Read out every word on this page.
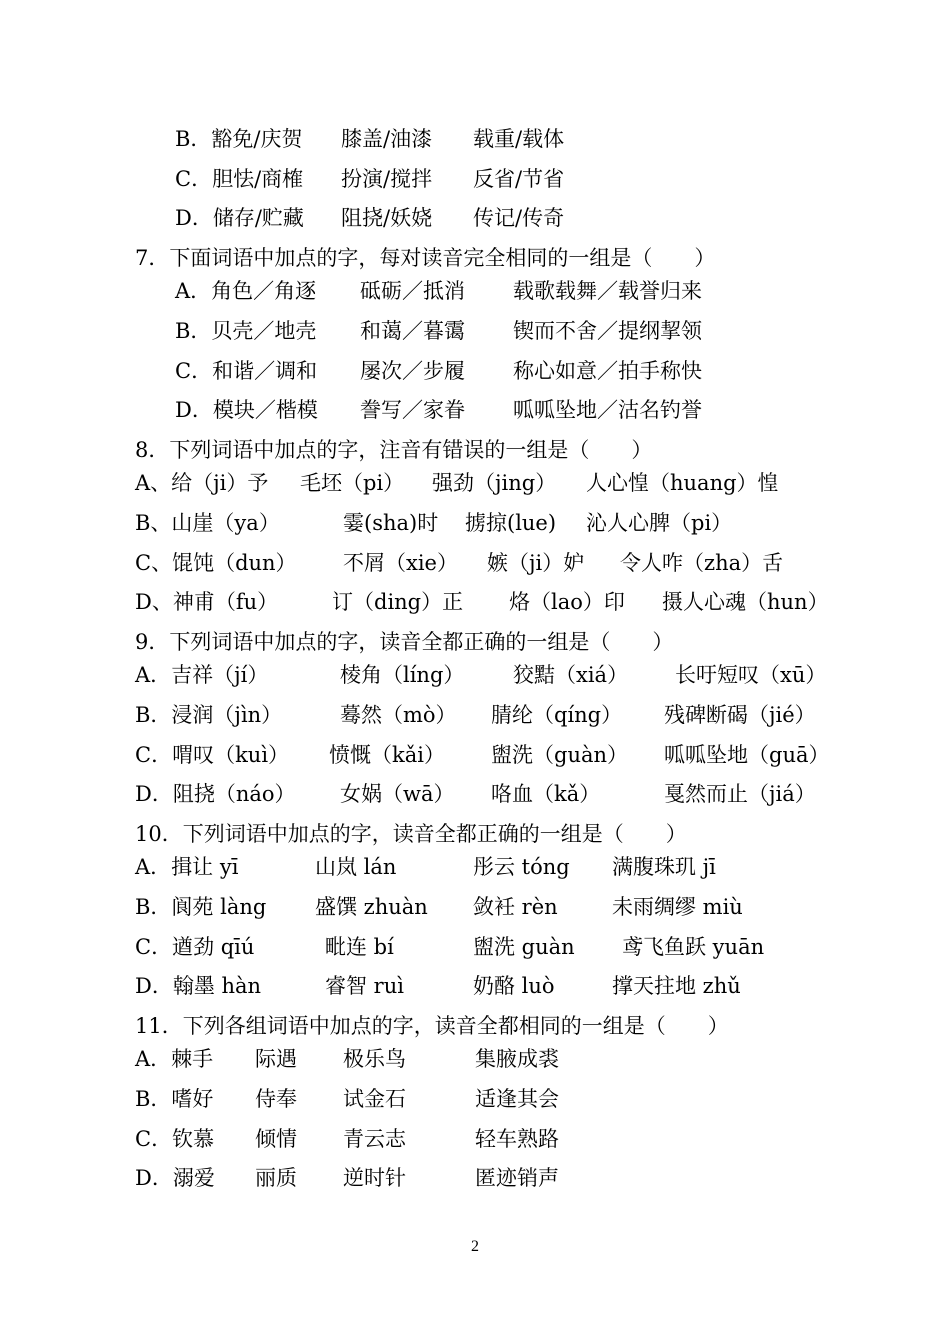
B．豁免/庆贺 膝盖/油漆 载重/载体
C．胆怯/商榷 扮演/搅拌 反省/节省
D．储存/贮藏 阻挠/妖娆 传记/传奇
7．下面词语中加点的字，每对读音完全相同的一组是（　　）
A．角色／角逐 砥砺／抵消 载歌载舞／载誉归来
B．贝壳／地壳 和蔼／暮霭 锲而不舍／提纲挈领
C．和谐／调和 屡次／步履 称心如意／拍手称快
D．模块／楷模 誊写／家眷 呱呱坠地／沽名钓誉
8．下列词语中加点的字，注音有错误的一组是（　　）
A、给（ji）予 毛坯（pi） 强劲（jing） 人心惶（huang）惶
B、山崖（ya）	霎(sha)时 掳掠(lue) 沁人心脾（pi）
C、馄饨（dun） 不屑（xie） 嫉（ji）妒 令人咋（zha）舌
D、神甫（fu）	订（ding）正 烙（lao）印 摄人心魂（hun）
9．下列词语中加点的字，读音全都正确的一组是（　　）
A．吉祥（jí）	棱角（líng） 狡黠（xiá） 长吁短叹（xū）
B．浸润（jìn）	蓦然（mò） 腈纶（qíng） 残碑断碣（jié）
C．喟叹（kuì） 愤慨（kǎi） 盥洗（guàn） 呱呱坠地（guā）
D．阻挠（náo） 女娲（wā） 咯血（kǎ）	戛然而止（jiá）
10．下列词语中加点的字，读音全都正确的一组是（　　）
A．揖让 yī	山岚 lán	彤云 tóng 满腹珠玑 jī
B．阆苑 làng 盛馔 zhuàn 敛衽 rèn	未雨绸缪 miù
C．遒劲 qīú	毗连 bí	盥洗 guàn 鸢飞鱼跃 yuān
D．翰墨 hàn	睿智 ruì	奶酪 luò	撑天拄地 zhǔ
11．下列各组词语中加点的字，读音全都相同的一组是（　　）
A．棘手 际遇 极乐鸟	集腋成裘
B．嗜好 侍奉 试金石	适逢其会
C．钦慕 倾情 青云志	轻车熟路
D．溺爱 丽质 逆时针	匿迹销声
2
